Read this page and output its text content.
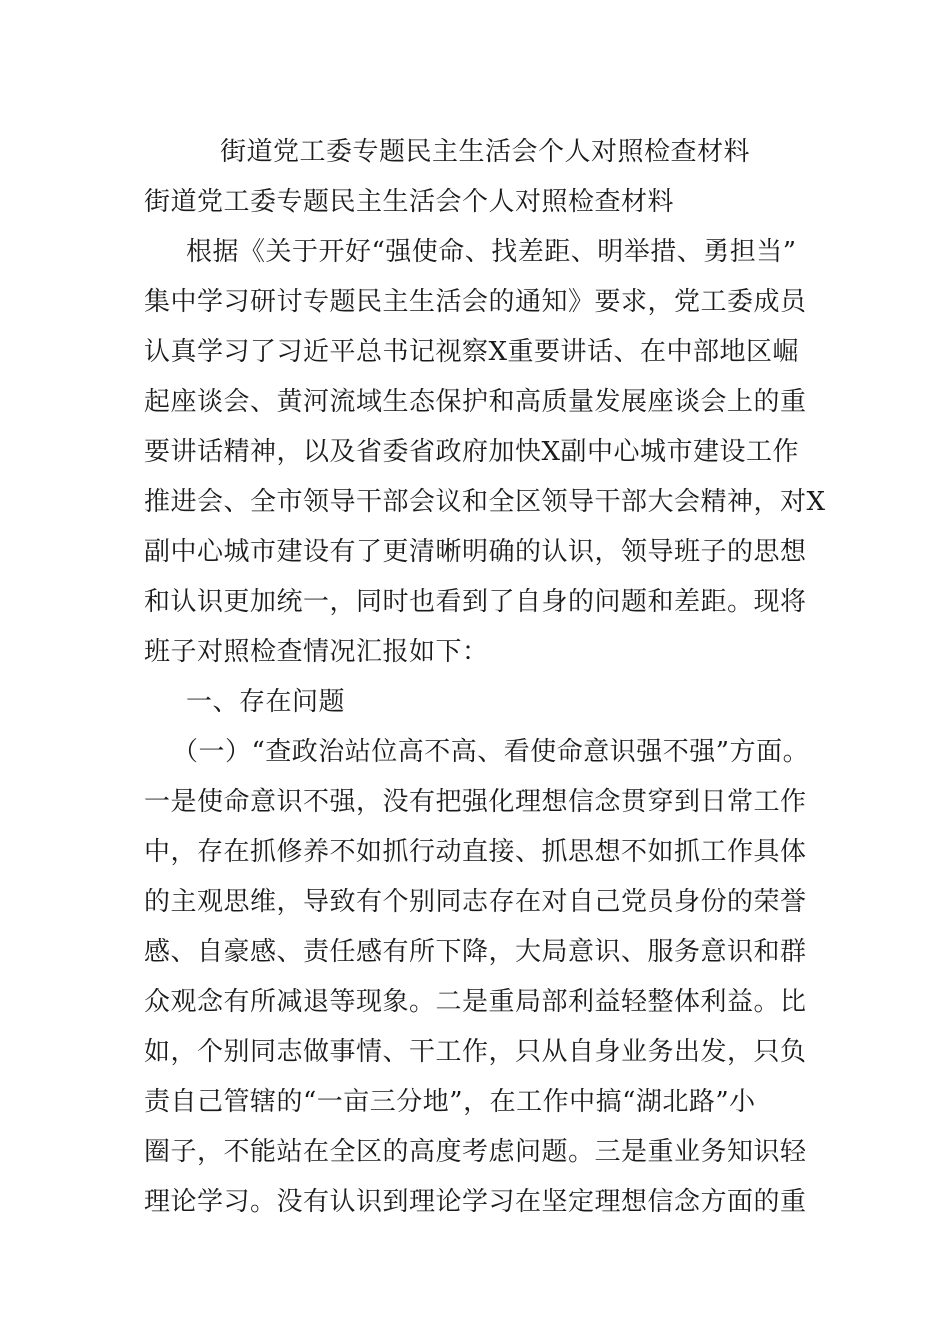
街道党工委专题民主生活会个人对照检查材料
街道党工委专题民主生活会个人对照检查材料
根据《关于开好“强使命、找差距、明举措、勇担当”
集中学习研讨专题民主生活会的通知》要求，党工委成员
认真学习了习近平总书记视察X重要讲话、在中部地区崛
起座谈会、黄河流域生态保护和高质量发展座谈会上的重
要讲话精神，以及省委省政府加快X副中心城市建设工作
推进会、全市领导干部会议和全区领导干部大会精神，对X
副中心城市建设有了更清晰明确的认识，领导班子的思想
和认识更加统一，同时也看到了自身的问题和差距。现将
班子对照检查情况汇报如下：
一、存在问题
（一）“查政治站位高不高、看使命意识强不强”方面。
一是使命意识不强，没有把强化理想信念贯穿到日常工作
中，存在抓修养不如抓行动直接、抓思想不如抓工作具体
的主观思维，导致有个别同志存在对自己党员身份的荣誉
感、自豪感、责任感有所下降，大局意识、服务意识和群
众观念有所减退等现象。二是重局部利益轻整体利益。比
如，个别同志做事情、干工作，只从自身业务出发，只负
责自己管辖的“一亩三分地”，在工作中搞“湖北路”小
圈子，不能站在全区的高度考虑问题。三是重业务知识轻
理论学习。没有认识到理论学习在坚定理想信念方面的重
